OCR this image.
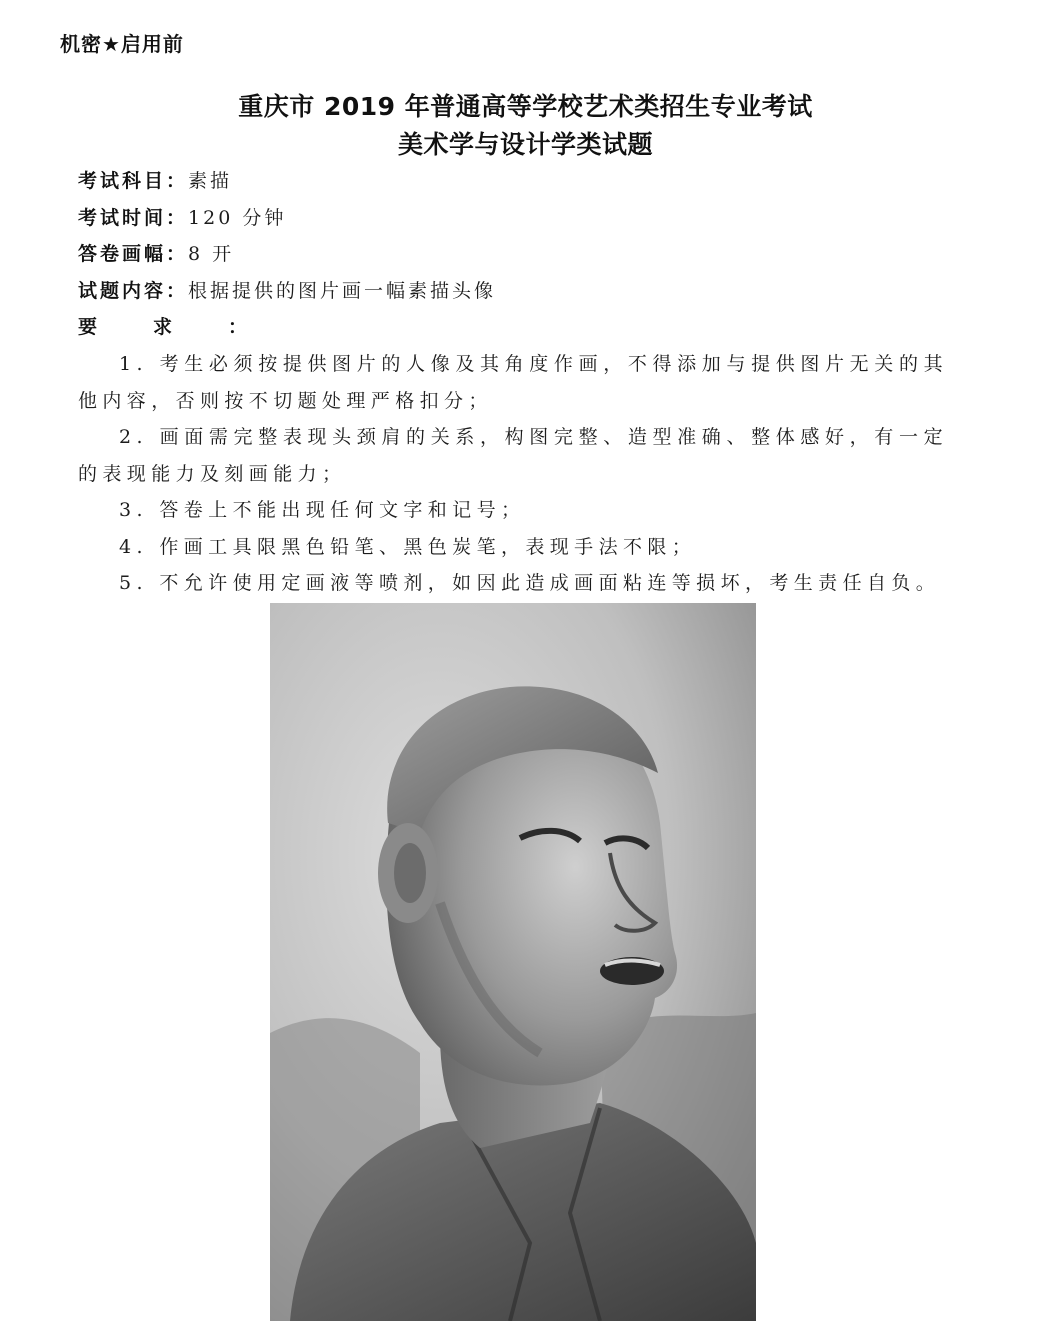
机密★启用前
重庆市 2019 年普通高等学校艺术类招生专业考试
美术学与设计学类试题
考试科目：素描
考试时间：120 分钟
答卷画幅：8 开
试题内容：根据提供的图片画一幅素描头像
要求：
1. 考生必须按提供图片的人像及其角度作画，不得添加与提供图片无关的其他内容，否则按不切题处理严格扣分；
2. 画面需完整表现头颈肩的关系，构图完整、造型准确、整体感好，有一定的表现能力及刻画能力；
3. 答卷上不能出现任何文字和记号；
4. 作画工具限黑色铅笔、黑色炭笔，表现手法不限；
5. 不允许使用定画液等喷剂，如因此造成画面粘连等损坏，考生责任自负。
